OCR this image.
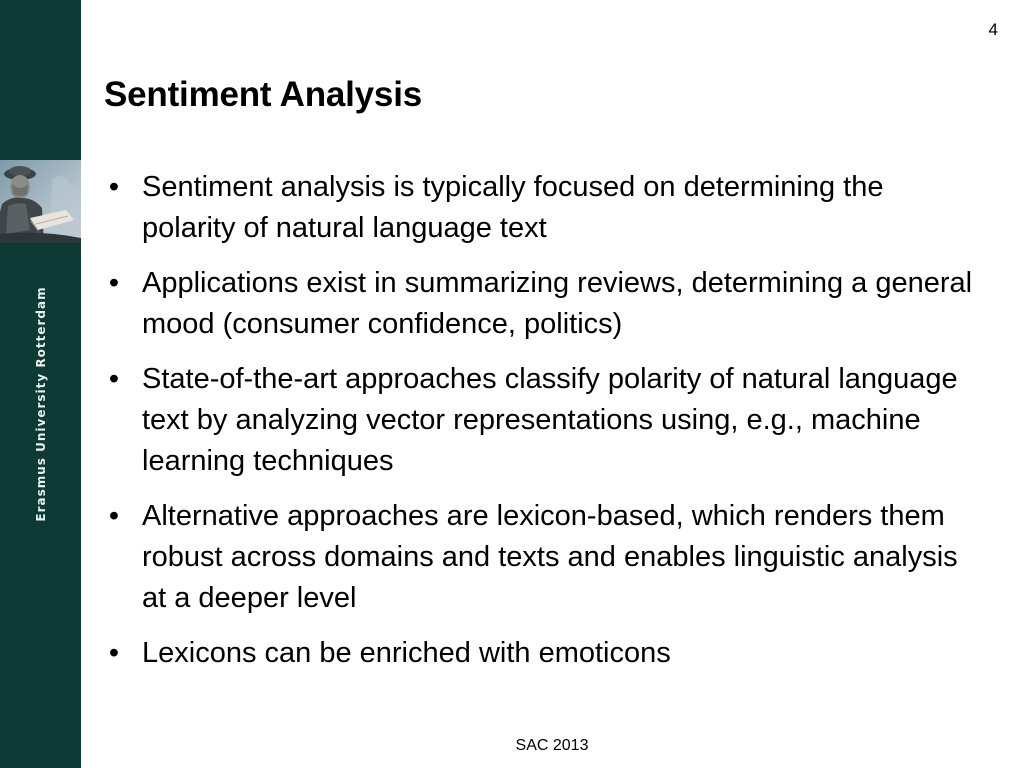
Erasmus University Rotterdam
4
Sentiment Analysis
• Sentiment analysis is typically focused on determining the polarity of natural language text
• Applications exist in summarizing reviews, determining a general mood (consumer confidence, politics)
• State-of-the-art approaches classify polarity of natural language text by analyzing vector representations using, e.g., machine learning techniques
• Alternative approaches are lexicon-based, which renders them robust across domains and texts and enables linguistic analysis at a deeper level
• Lexicons can be enriched with emoticons
SAC 2013
